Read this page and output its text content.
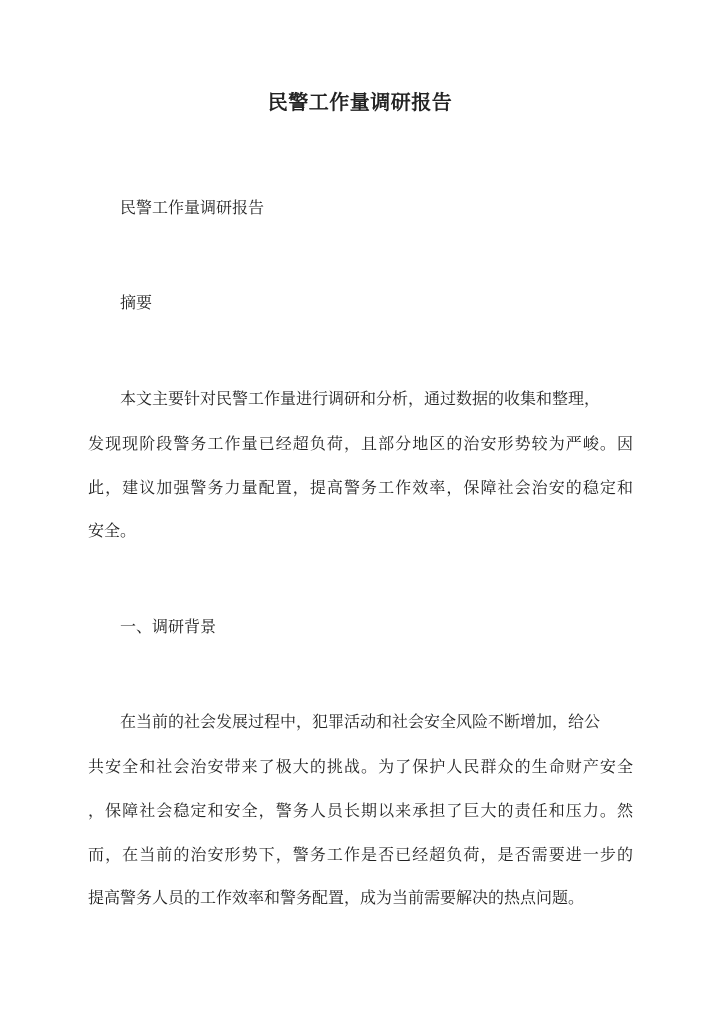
民警工作量调研报告
民警工作量调研报告
摘要
本文主要针对民警工作量进行调研和分析，通过数据的收集和整理，
发现现阶段警务工作量已经超负荷，且部分地区的治安形势较为严峻。因
此，建议加强警务力量配置，提高警务工作效率，保障社会治安的稳定和
安全。
一、调研背景
在当前的社会发展过程中，犯罪活动和社会安全风险不断增加，给公
共安全和社会治安带来了极大的挑战。为了保护人民群众的生命财产安全
，保障社会稳定和安全，警务人员长期以来承担了巨大的责任和压力。然
而，在当前的治安形势下，警务工作是否已经超负荷，是否需要进一步的
提高警务人员的工作效率和警务配置，成为当前需要解决的热点问题。
